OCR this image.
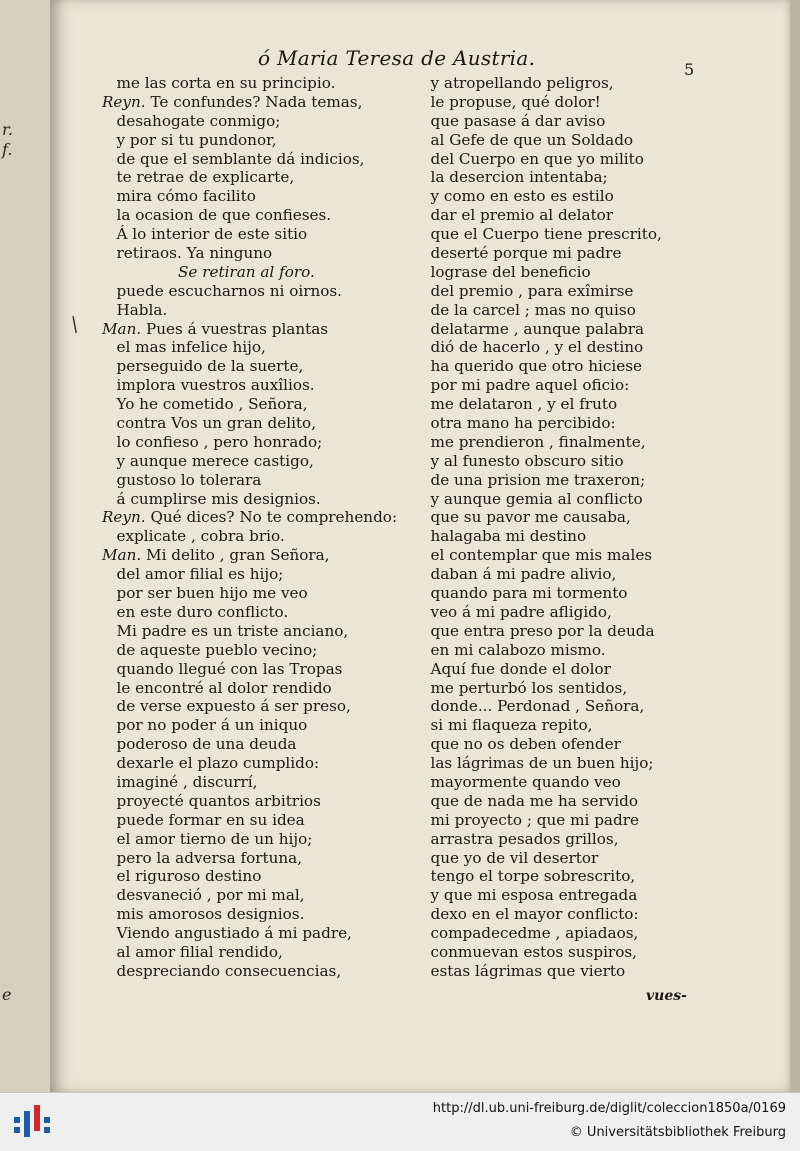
r.
f.
e
ó Maria Teresa de Austria.	5
/
me las corta en su principio.
Reyn. Te confundes? Nada temas,
desahogate conmigo;
y por si tu pundonor,
de que el semblante dá indicios,
te retrae de explicarte,
mira cómo facilito
la ocasion de que confieses.
Á lo interior de este sitio
retiraos. Ya ninguno
Se retiran al foro.
puede escucharnos ni oirnos.
Habla.
Man. Pues á vuestras plantas
el mas infelice hijo,
perseguido de la suerte,
implora vuestros auxîlios.
Yo he cometido , Señora,
contra Vos un gran delito,
lo confieso , pero honrado;
y aunque merece castigo,
gustoso lo tolerara
á cumplirse mis designios.
Reyn. Qué dices? No te comprehendo:
explicate , cobra brio.
Man. Mi delito , gran Señora,
del amor filial es hijo;
por ser buen hijo me veo
en este duro conflicto.
Mi padre es un triste anciano,
de aqueste pueblo vecino;
quando llegué con las Tropas
le encontré al dolor rendido
de verse expuesto á ser preso,
por no poder á un iniquo
poderoso de una deuda
dexarle el plazo cumplido:
imaginé , discurrí,
proyecté quantos arbitrios
puede formar en su idea
el amor tierno de un hijo;
pero la adversa fortuna,
el riguroso destino
desvaneció , por mi mal,
mis amorosos designios.
Viendo angustiado á mi padre,
al amor filial rendido,
despreciando consecuencias,
y atropellando peligros,
le propuse, qué dolor!
que pasase á dar aviso
al Gefe de que un Soldado
del Cuerpo en que yo milito
la desercion intentaba;
y como en esto es estilo
dar el premio al delator
que el Cuerpo tiene prescrito,
deserté porque mi padre
lograse del beneficio
del premio , para exîmirse
de la carcel ; mas no quiso
delatarme , aunque palabra
dió de hacerlo , y el destino
ha querido que otro hiciese
por mi padre aquel oficio:
me delataron , y el fruto
otra mano ha percibido:
me prendieron , finalmente,
y al funesto obscuro sitio
de una prision me traxeron;
y aunque gemia al conflicto
que su pavor me causaba,
halagaba mi destino
el contemplar que mis males
daban á mi padre alivio,
quando para mi tormento
veo á mi padre afligido,
que entra preso por la deuda
en mi calabozo mismo.
Aquí fue donde el dolor
me perturbó los sentidos,
donde... Perdonad , Señora,
si mi flaqueza repito,
que no os deben ofender
las lágrimas de un buen hijo;
mayormente quando veo
que de nada me ha servido
mi proyecto ; que mi padre
arrastra pesados grillos,
que yo de vil desertor
tengo el torpe sobrescrito,
y que mi esposa entregada
dexo en el mayor conflicto:
compadecedme , apiadaos,
conmuevan estos suspiros,
estas lágrimas que vierto
vues-
http://dl.ub.uni-freiburg.de/diglit/coleccion1850a/0169
© Universitätsbibliothek Freiburg
